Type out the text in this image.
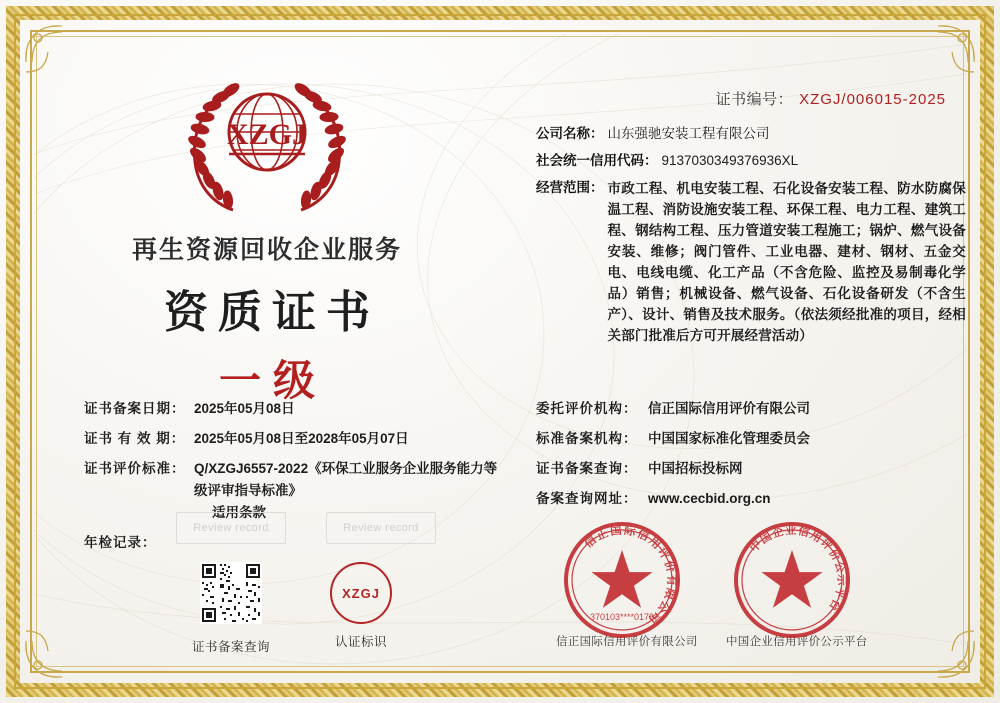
证书编号： XZGJ/006015-2025
XZGJ
再生资源回收企业服务
资质证书
一级
公司名称： 山东强驰安装工程有限公司
社会统一信用代码： 9137030349376936XL
经营范围： 市政工程、机电安装工程、石化设备安装工程、防水防腐保温工程、消防设施安装工程、环保工程、电力工程、建筑工程、钢结构工程、压力管道安装工程施工；锅炉、燃气设备安装、维修；阀门管件、工业电器、建材、钢材、五金交电、电线电缆、化工产品（不含危险、监控及易制毒化学品）销售；机械设备、燃气设备、石化设备研发（不含生产）、设计、销售及技术服务。（依法须经批准的项目，经相关部门批准后方可开展经营活动）
证书备案日期： 2025年05月08日
证书 有 效 期： 2025年05月08日至2028年05月07日
证书评价标准： Q/XZGJ6557-2022《环保工业服务企业服务能力等级评审指导标准》
适用条款
年检记录：
委托评价机构： 信正国际信用评价有限公司
标准备案机构： 中国国家标准化管理委员会
证书备案查询： 中国招标投标网
备案查询网址： www.cecbid.org.cn
Review record	Review record
证书备案查询
XZGJ
认证标识
信正国际信用评价有限公司
370103****0173
信正国际信用评价有限公司
中国企业信用评价公示平台
中国企业信用评价公示平台
